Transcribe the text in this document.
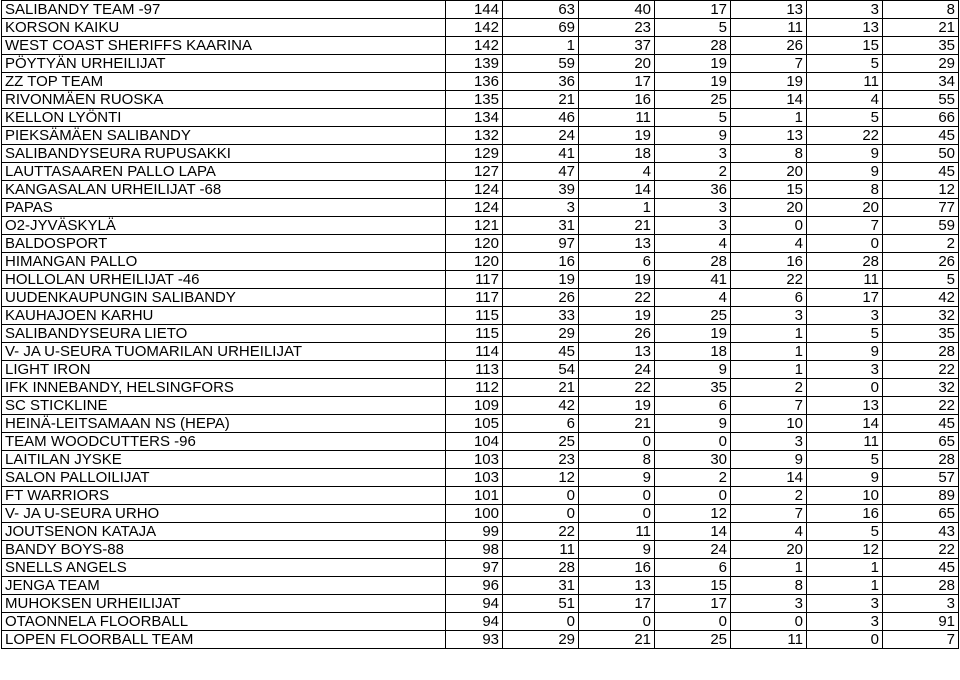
SALIBANDY TEAM -97	144	63	40	17	13	3	8
KORSON KAIKU	142	69	23	5	11	13	21
WEST COAST SHERIFFS KAARINA	142	1	37	28	26	15	35
PÖYTYÄN URHEILIJAT	139	59	20	19	7	5	29
ZZ TOP TEAM	136	36	17	19	19	11	34
RIVONMÄEN RUOSKA	135	21	16	25	14	4	55
KELLON LYÖNTI	134	46	11	5	1	5	66
PIEKSÄMÄEN SALIBANDY	132	24	19	9	13	22	45
SALIBANDYSEURA RUPUSAKKI	129	41	18	3	8	9	50
LAUTTASAAREN PALLO LAPA	127	47	4	2	20	9	45
KANGASALAN URHEILIJAT -68	124	39	14	36	15	8	12
PAPAS	124	3	1	3	20	20	77
O2-JYVÄSKYLÄ	121	31	21	3	0	7	59
BALDOSPORT	120	97	13	4	4	0	2
HIMANGAN PALLO	120	16	6	28	16	28	26
HOLLOLAN URHEILIJAT -46	117	19	19	41	22	11	5
UUDENKAUPUNGIN SALIBANDY	117	26	22	4	6	17	42
KAUHAJOEN KARHU	115	33	19	25	3	3	32
SALIBANDYSEURA LIETO	115	29	26	19	1	5	35
V- JA U-SEURA TUOMARILAN URHEILIJAT	114	45	13	18	1	9	28
LIGHT IRON	113	54	24	9	1	3	22
IFK INNEBANDY, HELSINGFORS	112	21	22	35	2	0	32
SC STICKLINE	109	42	19	6	7	13	22
HEINÄ-LEITSAMAAN NS (HEPA)	105	6	21	9	10	14	45
TEAM WOODCUTTERS -96	104	25	0	0	3	11	65
LAITILAN JYSKE	103	23	8	30	9	5	28
SALON PALLOILIJAT	103	12	9	2	14	9	57
FT WARRIORS	101	0	0	0	2	10	89
V- JA U-SEURA URHO	100	0	0	12	7	16	65
JOUTSENON KATAJA	99	22	11	14	4	5	43
BANDY BOYS-88	98	11	9	24	20	12	22
SNELLS ANGELS	97	28	16	6	1	1	45
JENGA TEAM	96	31	13	15	8	1	28
MUHOKSEN URHEILIJAT	94	51	17	17	3	3	3
OTAONNELA FLOORBALL	94	0	0	0	0	3	91
LOPEN FLOORBALL TEAM	93	29	21	25	11	0	7
